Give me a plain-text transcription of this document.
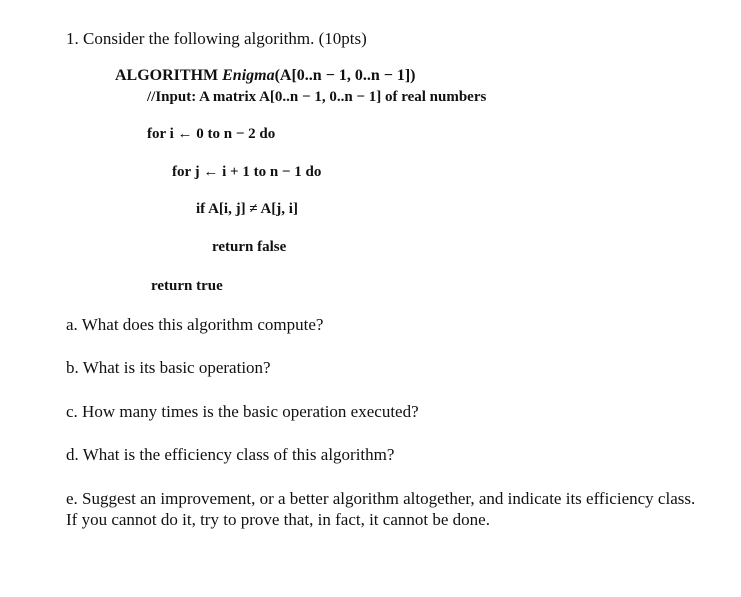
1. Consider the following algorithm. (10pts)
ALGORITHM Enigma(A[0..n − 1, 0..n − 1])
//Input: A matrix A[0..n − 1, 0..n − 1] of real numbers
for i ← 0 to n − 2 do
for j ← i + 1 to n − 1 do
if A[i, j] ≠ A[j, i]
return false
return true
a. What does this algorithm compute?
b. What is its basic operation?
c. How many times is the basic operation executed?
d. What is the efficiency class of this algorithm?
e. Suggest an improvement, or a better algorithm altogether, and indicate its efficiency class. If you cannot do it, try to prove that, in fact, it cannot be done.
